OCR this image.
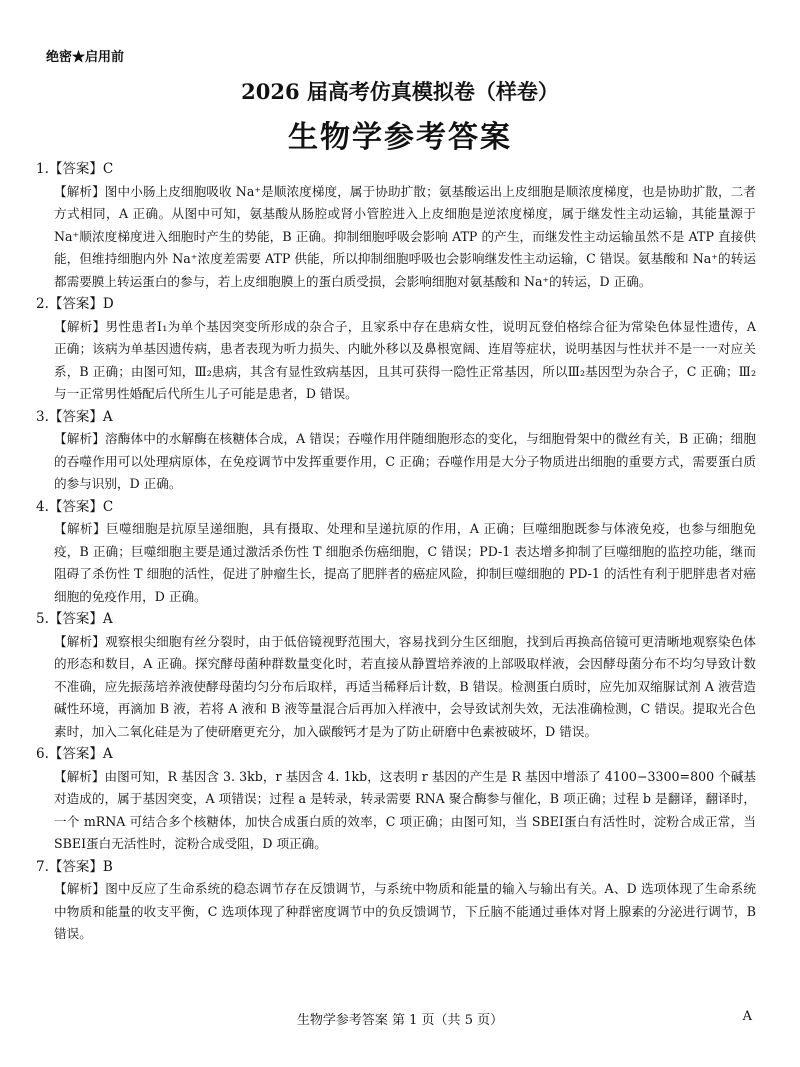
绝密★启用前
2026 届高考仿真模拟卷（样卷）
生物学参考答案
1.【答案】C

【解析】图中小肠上皮细胞吸收 Na⁺是顺浓度梯度，属于协助扩散；氨基酸运出上皮细胞是顺浓度梯度，也是协助扩散，二者方式相同，A 正确。从图中可知，氨基酸从肠腔或肾小管腔进入上皮细胞是逆浓度梯度，属于继发性主动运输，其能量源于 Na⁺顺浓度梯度进入细胞时产生的势能，B 正确。抑制细胞呼吸会影响 ATP 的产生，而继发性主动运输虽然不是 ATP 直接供能，但维持细胞内外 Na⁺浓度差需要 ATP 供能，所以抑制细胞呼吸也会影响继发性主动运输，C 错误。氨基酸和 Na⁺的转运都需要膜上转运蛋白的参与，若上皮细胞膜上的蛋白质受损，会影响细胞对氨基酸和 Na⁺的转运，D 正确。

2.【答案】D

【解析】男性患者Ⅰ₁为单个基因突变所形成的杂合子，且家系中存在患病女性，说明瓦登伯格综合征为常染色体显性遗传，A 正确；该病为单基因遗传病，患者表现为听力损失、内眦外移以及鼻根宽阔、连眉等症状，说明基因与性状并不是一一对应关系，B 正确；由图可知，Ⅲ₂患病，其含有显性致病基因，且其可获得一隐性正常基因，所以Ⅲ₂基因型为杂合子，C 正确；Ⅲ₂与一正常男性婚配后代所生儿子可能是患者，D 错误。

3.【答案】A

【解析】溶酶体中的水解酶在核糖体合成，A 错误；吞噬作用伴随细胞形态的变化，与细胞骨架中的微丝有关，B 正确；细胞的吞噬作用可以处理病原体，在免疫调节中发挥重要作用，C 正确；吞噬作用是大分子物质进出细胞的重要方式，需要蛋白质的参与识别，D 正确。

4.【答案】C

【解析】巨噬细胞是抗原呈递细胞，具有摄取、处理和呈递抗原的作用，A 正确；巨噬细胞既参与体液免疫，也参与细胞免疫，B 正确；巨噬细胞主要是通过激活杀伤性 T 细胞杀伤癌细胞，C 错误；PD-1 表达增多抑制了巨噬细胞的监控功能，继而阻碍了杀伤性 T 细胞的活性，促进了肿瘤生长，提高了肥胖者的癌症风险，抑制巨噬细胞的 PD-1 的活性有利于肥胖患者对癌细胞的免疫作用，D 正确。

5.【答案】A

【解析】观察根尖细胞有丝分裂时，由于低倍镜视野范围大，容易找到分生区细胞，找到后再换高倍镜可更清晰地观察染色体的形态和数目，A 正确。探究酵母菌种群数量变化时，若直接从静置培养液的上部吸取样液，会因酵母菌分布不均匀导致计数不准确，应先振荡培养液使酵母菌均匀分布后取样，再适当稀释后计数，B 错误。检测蛋白质时，应先加双缩脲试剂 A 液营造碱性环境，再滴加 B 液，若将 A 液和 B 液等量混合后再加入样液中，会导致试剂失效，无法准确检测，C 错误。提取光合色素时，加入二氧化硅是为了使研磨更充分，加入碳酸钙才是为了防止研磨中色素被破坏，D 错误。

6.【答案】A

【解析】由图可知，R 基因含 3. 3kb，r 基因含 4. 1kb，这表明 r 基因的产生是 R 基因中增添了 4100−3300=800 个碱基对造成的，属于基因突变，A 项错误；过程 a 是转录，转录需要 RNA 聚合酶参与催化，B 项正确；过程 b 是翻译，翻译时，一个 mRNA 可结合多个核糖体，加快合成蛋白质的效率，C 项正确；由图可知，当 SBEI蛋白有活性时，淀粉合成正常，当 SBEI蛋白无活性时，淀粉合成受阻，D 项正确。

7.【答案】B

【解析】图中反应了生命系统的稳态调节存在反馈调节，与系统中物质和能量的输入与输出有关。A、D 选项体现了生命系统中物质和能量的收支平衡，C 选项体现了种群密度调节中的负反馈调节，下丘脑不能通过垂体对肾上腺素的分泌进行调节，B 错误。

生物学参考答案 第 1 页（共 5 页）	A
